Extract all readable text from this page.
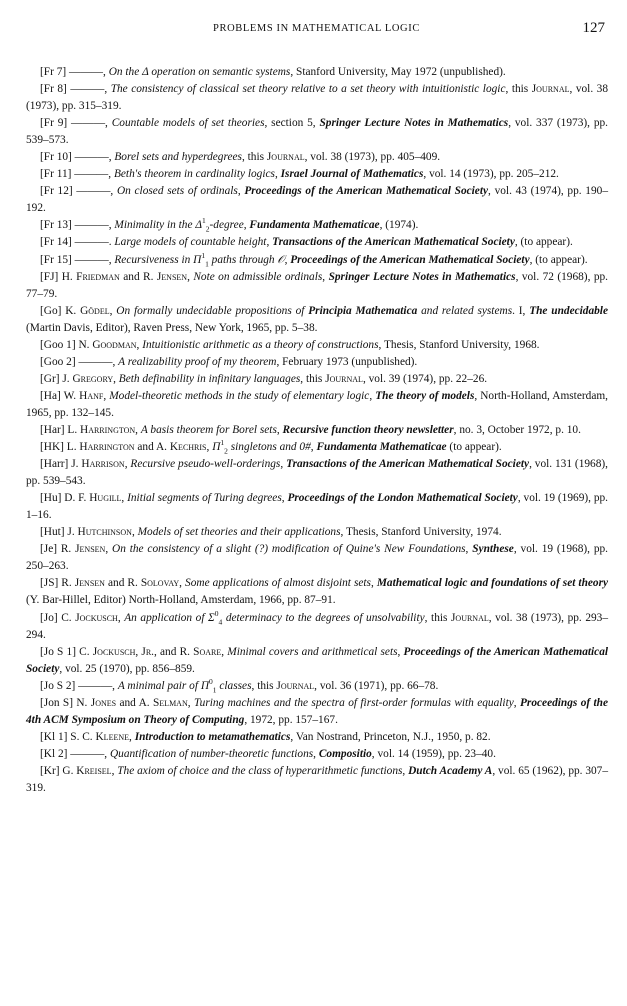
PROBLEMS IN MATHEMATICAL LOGIC	127

[Fr 7] ———, On the Δ operation on semantic systems, Stanford University, May 1972 (unpublished).

[Fr 8] ———, The consistency of classical set theory relative to a set theory with intuitionistic logic, this Journal, vol. 38 (1973), pp. 315–319.

[Fr 9] ———, Countable models of set theories, section 5, Springer Lecture Notes in Mathematics, vol. 337 (1973), pp. 539–573.

[Fr 10] ———, Borel sets and hyperdegrees, this Journal, vol. 38 (1973), pp. 405–409.

[Fr 11] ———, Beth's theorem in cardinality logics, Israel Journal of Mathematics, vol. 14 (1973), pp. 205–212.

[Fr 12] ———, On closed sets of ordinals, Proceedings of the American Mathematical Society, vol. 43 (1974), pp. 190–192.

[Fr 13] ———, Minimality in the $\Delta^1_2$-degree, Fundamenta Mathematicae, (1974).

[Fr 14] ———. Large models of countable height, Transactions of the American Mathematical Society, (to appear).

[Fr 15] ———, Recursiveness in $\Pi^1_1$ paths through 𝒪, Proceedings of the American Mathematical Society, (to appear).

[FJ] H. Friedman and R. Jensen, Note on admissible ordinals, Springer Lecture Notes in Mathematics, vol. 72 (1968), pp. 77–79.

[Go] K. Gödel, On formally undecidable propositions of Principia Mathematica and related systems. I, The undecidable (Martin Davis, Editor), Raven Press, New York, 1965, pp. 5–38.

[Goo 1] N. Goodman, Intuitionistic arithmetic as a theory of constructions, Thesis, Stanford University, 1968.

[Goo 2] ———, A realizability proof of my theorem, February 1973 (unpublished).

[Gr] J. Gregory, Beth definability in infinitary languages, this Journal, vol. 39 (1974), pp. 22–26.

[Ha] W. Hanf, Model-theoretic methods in the study of elementary logic, The theory of models, North-Holland, Amsterdam, 1965, pp. 132–145.

[Har] L. Harrington, A basis theorem for Borel sets, Recursive function theory newsletter, no. 3, October 1972, p. 10.

[HK] L. Harrington and A. Kechris, $\Pi^1_2$ singletons and 0#, Fundamenta Mathematicae (to appear).

[Harr] J. Harrison, Recursive pseudo-well-orderings, Transactions of the American Mathematical Society, vol. 131 (1968), pp. 539–543.

[Hu] D. F. Hugill, Initial segments of Turing degrees, Proceedings of the London Mathematical Society, vol. 19 (1969), pp. 1–16.

[Hut] J. Hutchinson, Models of set theories and their applications, Thesis, Stanford University, 1974.

[Je] R. Jensen, On the consistency of a slight (?) modification of Quine's New Foundations, Synthese, vol. 19 (1968), pp. 250–263.

[JS] R. Jensen and R. Solovay, Some applications of almost disjoint sets, Mathematical logic and foundations of set theory (Y. Bar-Hillel, Editor) North-Holland, Amsterdam, 1966, pp. 87–91.

[Jo] C. Jockusch, An application of $\Sigma^0_4$ determinacy to the degrees of unsolvability, this Journal, vol. 38 (1973), pp. 293–294.

[Jo S 1] C. Jockusch, Jr., and R. Soare, Minimal covers and arithmetical sets, Proceedings of the American Mathematical Society, vol. 25 (1970), pp. 856–859.

[Jo S 2] ———, A minimal pair of $\Pi^0_1$ classes, this Journal, vol. 36 (1971), pp. 66–78.

[Jon S] N. Jones and A. Selman, Turing machines and the spectra of first-order formulas with equality, Proceedings of the 4th ACM Symposium on Theory of Computing, 1972, pp. 157–167.

[Kl 1] S. C. Kleene, Introduction to metamathematics, Van Nostrand, Princeton, N.J., 1950, p. 82.

[Kl 2] ———, Quantification of number-theoretic functions, Compositio, vol. 14 (1959), pp. 23–40.

[Kr] G. Kreisel, The axiom of choice and the class of hyperarithmetic functions, Dutch Academy A, vol. 65 (1962), pp. 307–319.
